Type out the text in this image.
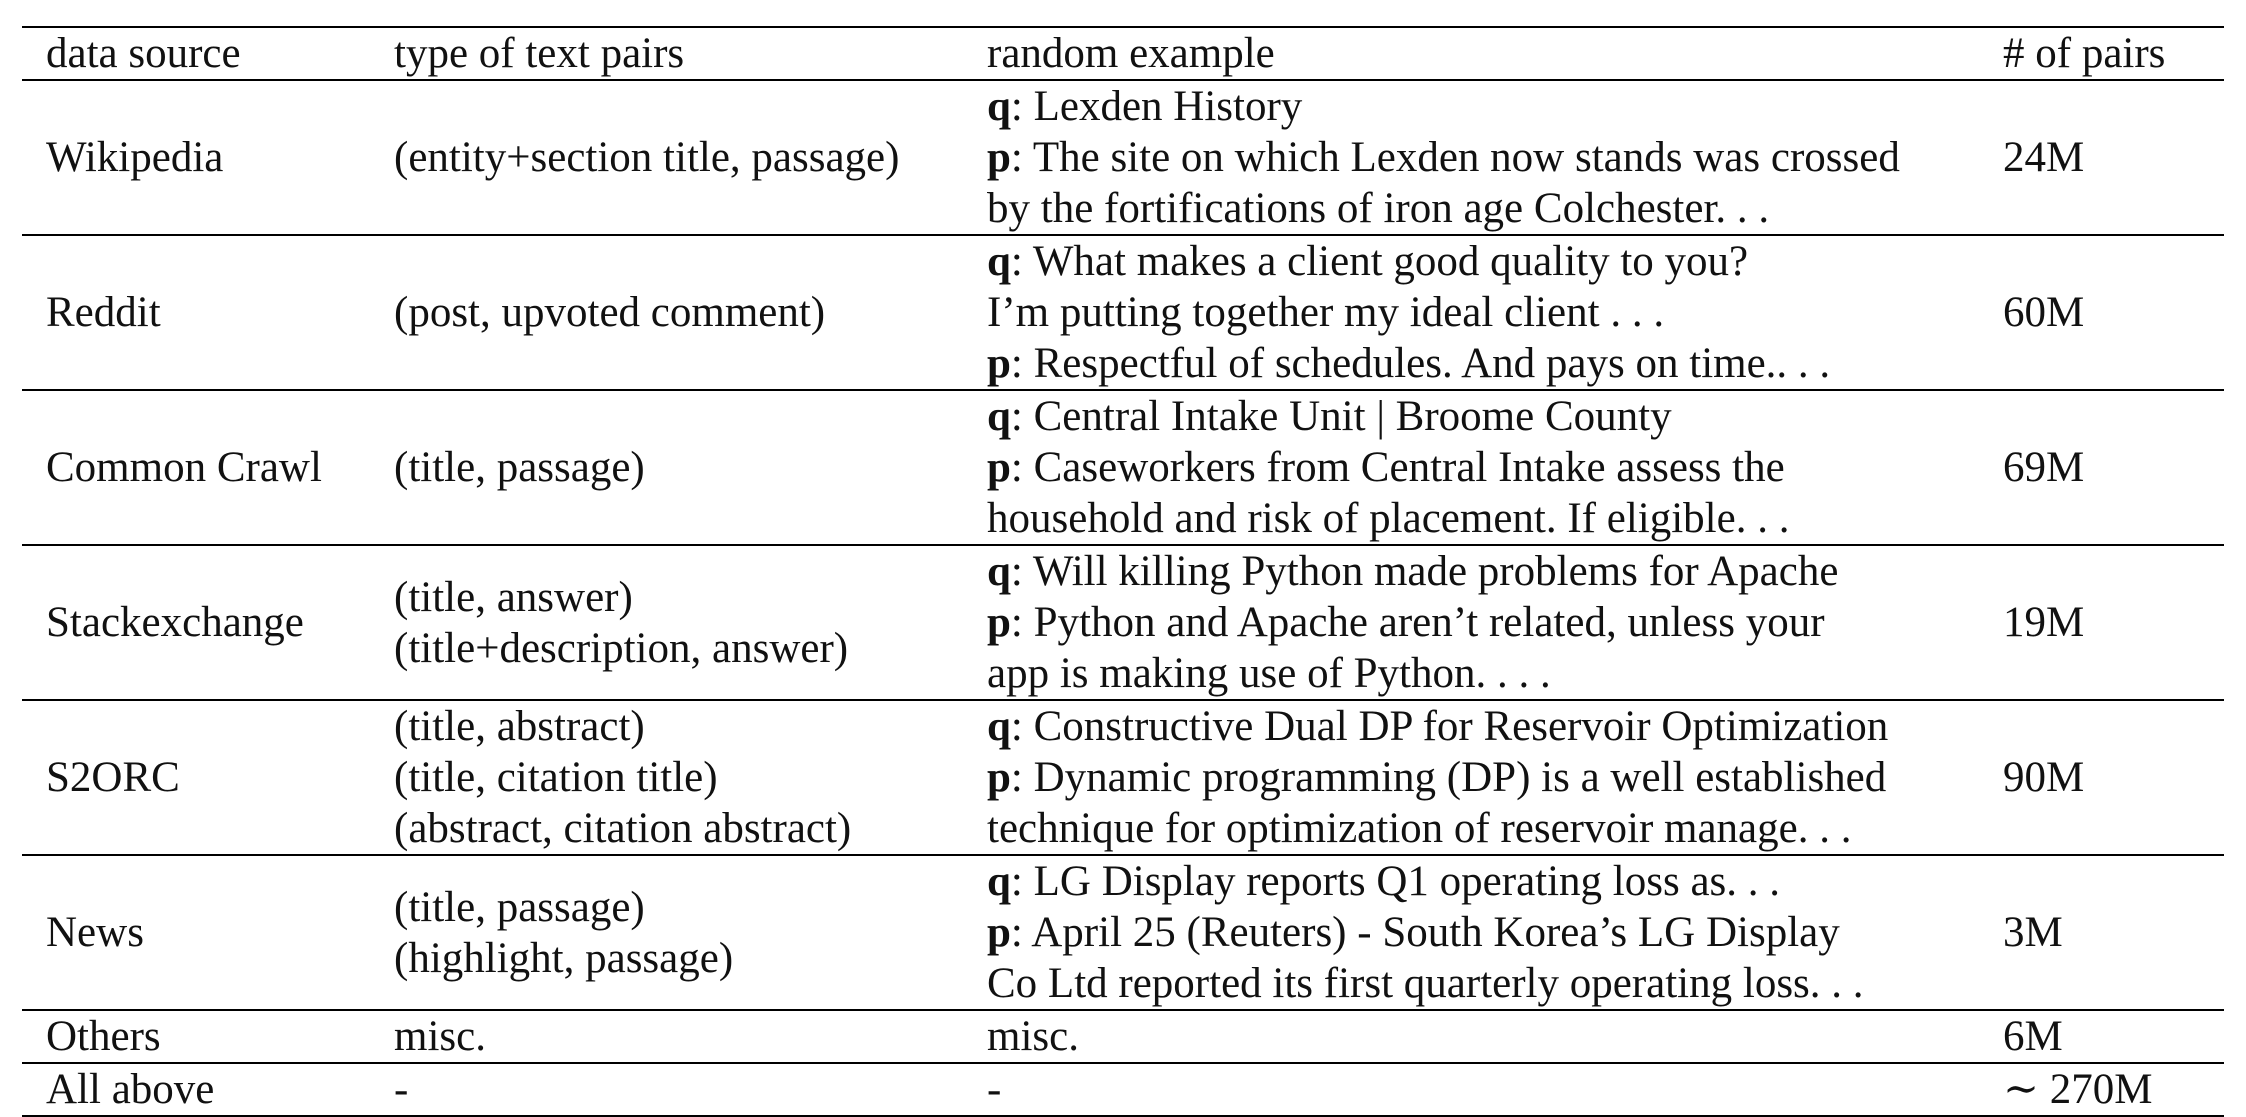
data source	type of text pairs	random example	# of pairs
Wikipedia	(entity+section title, passage)	q: Lexden History
p: The site on which Lexden now stands was crossed
by the fortifications of iron age Colchester. . .	24M
Reddit	(post, upvoted comment)	q: What makes a client good quality to you?
I’m putting together my ideal client . . .
p: Respectful of schedules. And pays on time.. . .	60M
Common Crawl	(title, passage)	q: Central Intake Unit | Broome County
p: Caseworkers from Central Intake assess the
household and risk of placement. If eligible. . .	69M
Stackexchange	(title, answer)
(title+description, answer)	q: Will killing Python made problems for Apache
p: Python and Apache aren’t related, unless your
app is making use of Python. . . .	19M
S2ORC	(title, abstract)
(title, citation title)
(abstract, citation abstract)	q: Constructive Dual DP for Reservoir Optimization
p: Dynamic programming (DP) is a well established
technique for optimization of reservoir manage. . .	90M
News	(title, passage)
(highlight, passage)	q: LG Display reports Q1 operating loss as. . .
p: April 25 (Reuters) - South Korea’s LG Display
Co Ltd reported its first quarterly operating loss. . .	3M
Others	misc.	misc.	6M
All above	-	-	∼ 270M
